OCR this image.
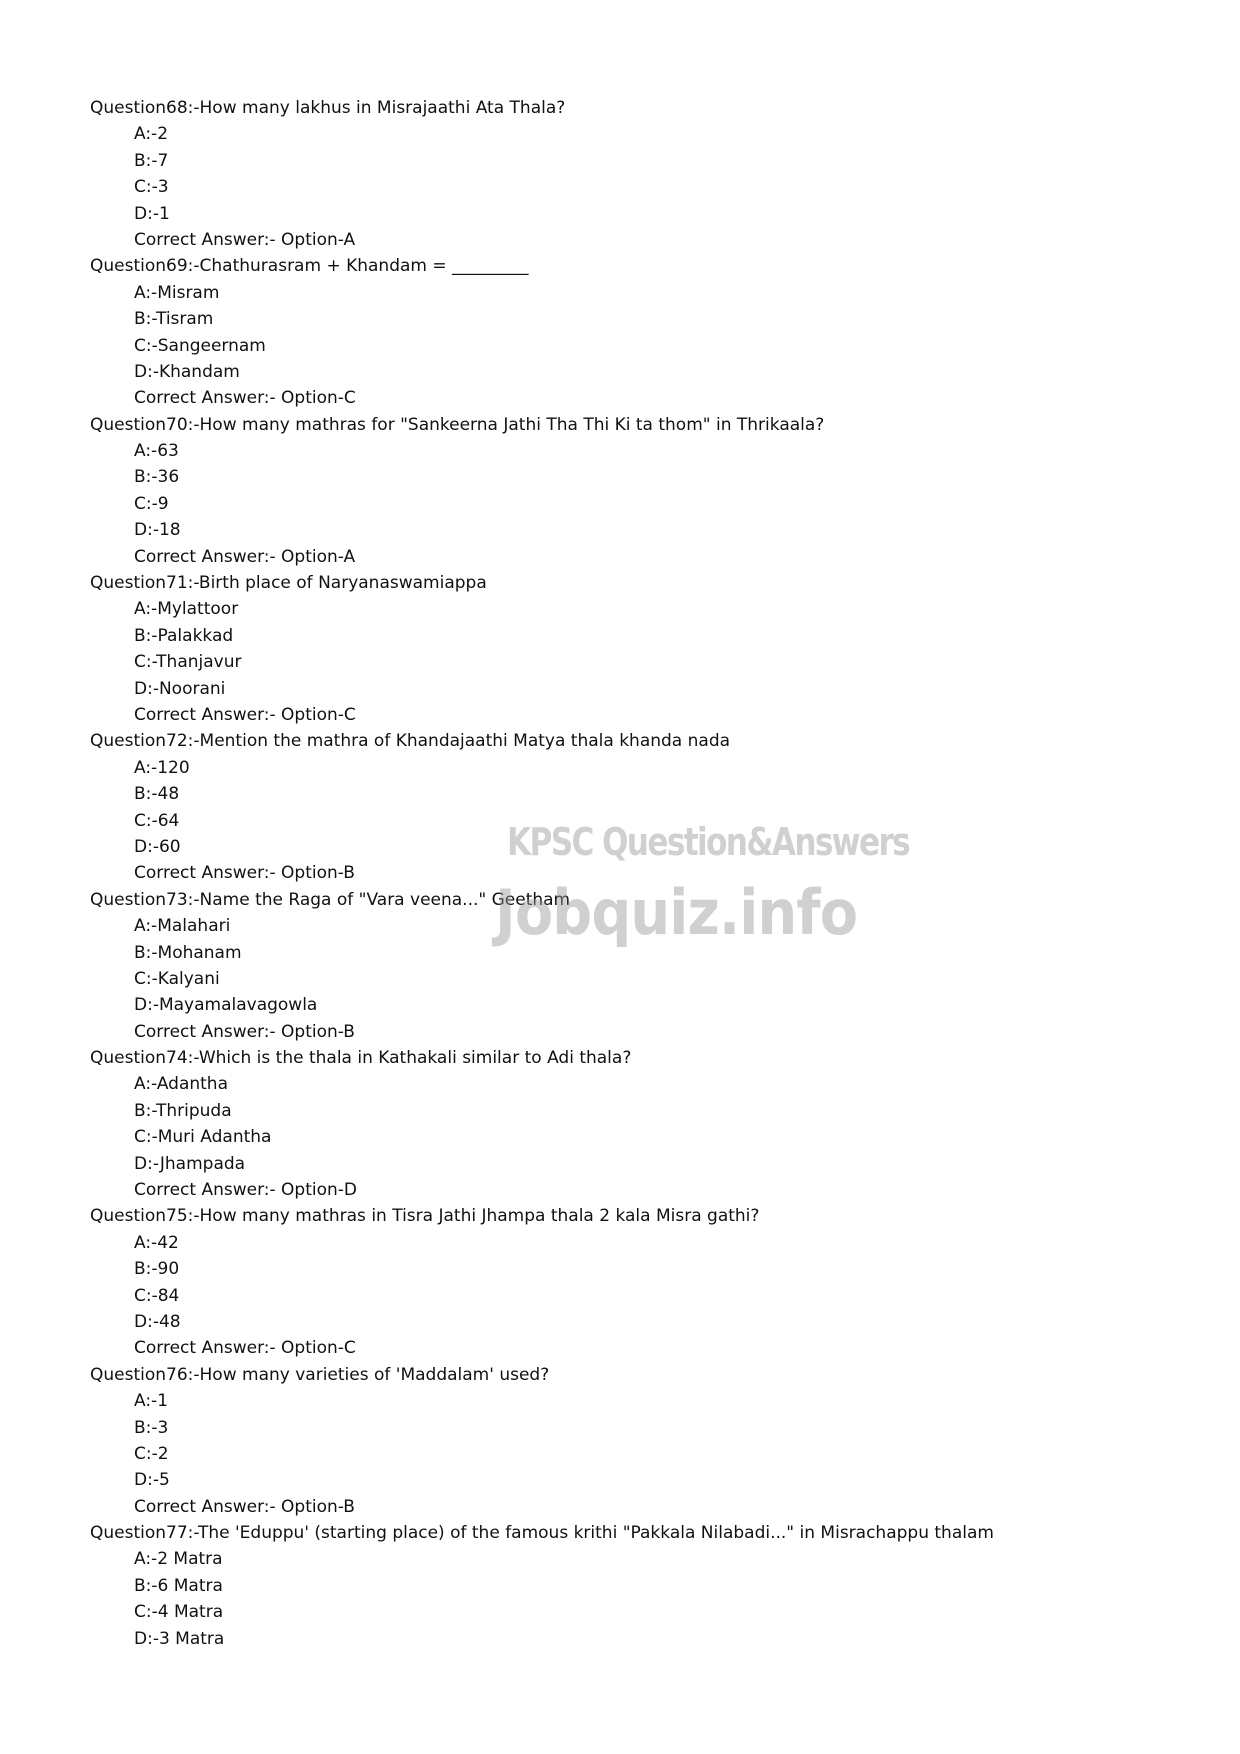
Question68:-How many lakhus in Misrajaathi Ata Thala?
A:-2
B:-7
C:-3
D:-1
Correct Answer:- Option-A
Question69:-Chathurasram + Khandam = _________
A:-Misram
B:-Tisram
C:-Sangeernam
D:-Khandam
Correct Answer:- Option-C
Question70:-How many mathras for "Sankeerna Jathi Tha Thi Ki ta thom" in Thrikaala?
A:-63
B:-36
C:-9
D:-18
Correct Answer:- Option-A
Question71:-Birth place of Naryanaswamiappa
A:-Mylattoor
B:-Palakkad
C:-Thanjavur
D:-Noorani
Correct Answer:- Option-C
Question72:-Mention the mathra of Khandajaathi Matya thala khanda nada
A:-120
B:-48
C:-64
D:-60
Correct Answer:- Option-B
Question73:-Name the Raga of "Vara veena..." Geetham
A:-Malahari
B:-Mohanam
C:-Kalyani
D:-Mayamalavagowla
Correct Answer:- Option-B
Question74:-Which is the thala in Kathakali similar to Adi thala?
A:-Adantha
B:-Thripuda
C:-Muri Adantha
D:-Jhampada
Correct Answer:- Option-D
Question75:-How many mathras in Tisra Jathi Jhampa thala 2 kala Misra gathi?
A:-42
B:-90
C:-84
D:-48
Correct Answer:- Option-C
Question76:-How many varieties of 'Maddalam' used?
A:-1
B:-3
C:-2
D:-5
Correct Answer:- Option-B
Question77:-The 'Eduppu' (starting place) of the famous krithi "Pakkala Nilabadi..." in Misrachappu thalam
A:-2 Matra
B:-6 Matra
C:-4 Matra
D:-3 Matra
KPSC Question&Answers
Jobquiz.info
